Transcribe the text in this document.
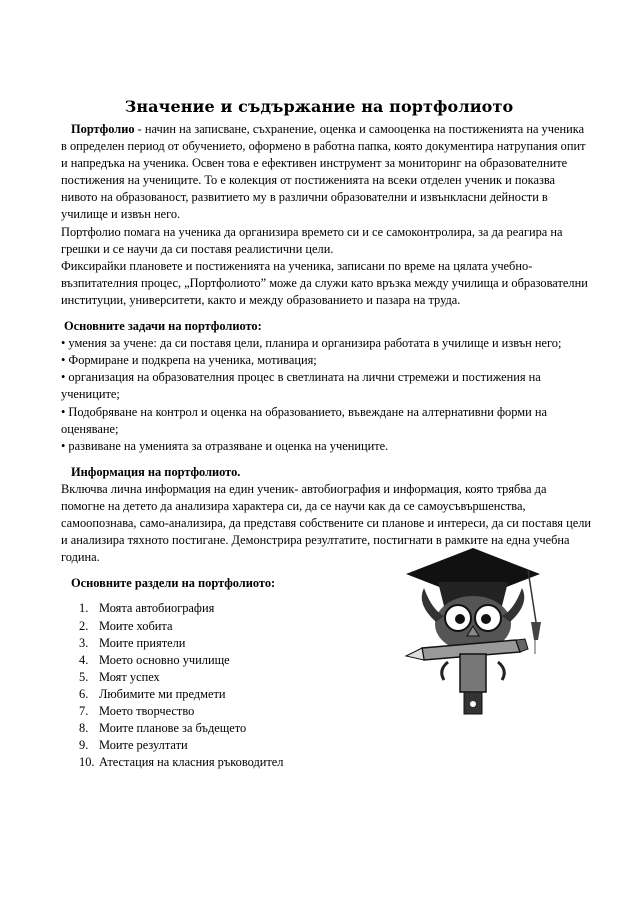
Значение и съдържание на портфолиото

Портфолио - начин на записване, съхранение, оценка и самооценка на постиженията на ученика в определен период от обучението, оформено в работна папка, която документира натрупания опит и напредъка на ученика. Освен това е ефективен инструмент за мониторинг на образователните постижения на учениците. То е колекция от постиженията на всеки отделен ученик и показва нивото на образованост, развитието му в различни образователни и извънкласни дейности в училище и извън него.

Портфолио помага на ученика да организира времето си и се самоконтролира, за да реагира на грешки и се научи да си поставя реалистични цели.

Фиксирайки плановете и постиженията на ученика, записани по време на цялата учебно-възпитателния процес, „Портфолиото” може да служи като връзка между училища и образователни институции, университети, както и между образованието и пазара на труда.

Основните задачи на портфолиото:

• умения за учене: да си поставя цели, планира и организира работата в училище и извън него;

• Формиране и подкрепа на ученика, мотивация;

• организация на образователния процес в светлината на лични стремежи и постижения на учениците;

• Подобряване на контрол и оценка на образованието, въвеждане на алтернативни форми на оценяване;

• развиване на уменията за отразяване и оценка на учениците.

Информация на портфолиото.

Включва лична информация на един ученик- автобиография и информация, която трябва да помогне на детето да анализира характера си, да се научи как да се самоусъвършенства, самоопознава, само-анализира, да представя собствените си планове и интереси, да си поставя цели и анализира тяхното постигане. Демонстрира резултатите, постигнати в рамките на една учебна година.

Основните раздели на портфолиото:

1. Моята автобиография
2. Моите хобита
3. Моите приятели
4. Моето основно училище
5. Моят успех
6. Любимите ми предмети
7. Моето творчество
8. Моите планове за бъдещето
9. Моите резултати
10. Атестация на класния ръководител
